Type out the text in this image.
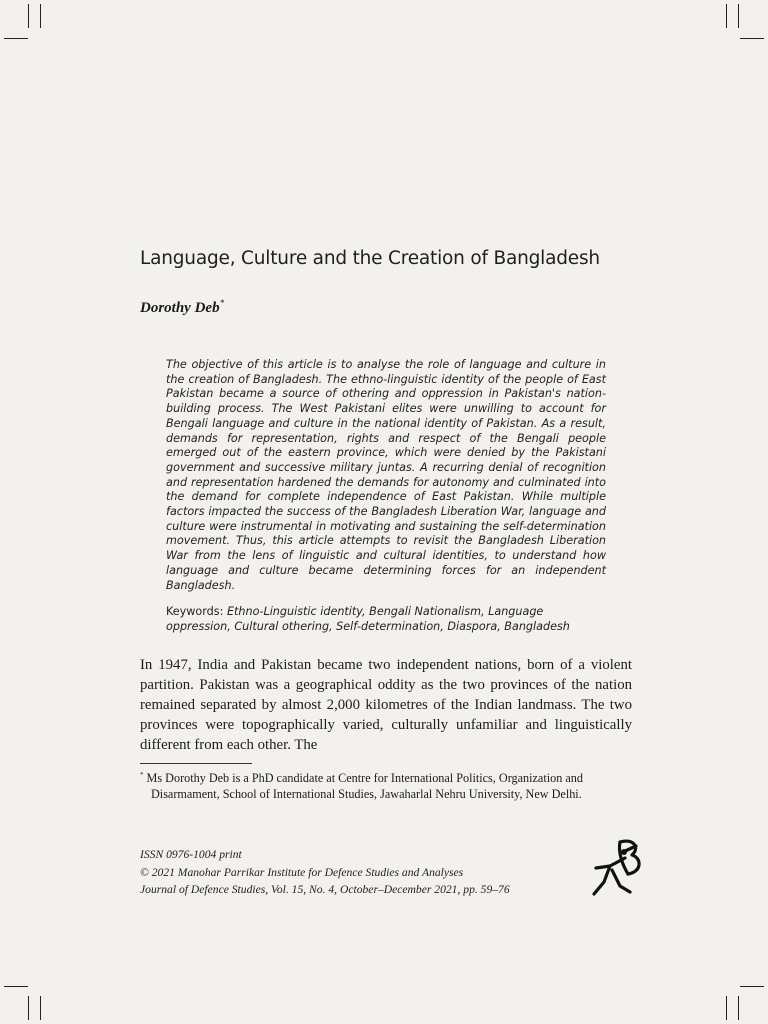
Language, Culture and the Creation of Bangladesh
Dorothy Deb*
The objective of this article is to analyse the role of language and culture in the creation of Bangladesh. The ethno-linguistic identity of the people of East Pakistan became a source of othering and oppression in Pakistan's nation-building process. The West Pakistani elites were unwilling to account for Bengali language and culture in the national identity of Pakistan. As a result, demands for representation, rights and respect of the Bengali people emerged out of the eastern province, which were denied by the Pakistani government and successive military juntas. A recurring denial of recognition and representation hardened the demands for autonomy and culminated into the demand for complete independence of East Pakistan. While multiple factors impacted the success of the Bangladesh Liberation War, language and culture were instrumental in motivating and sustaining the self-determination movement. Thus, this article attempts to revisit the Bangladesh Liberation War from the lens of linguistic and cultural identities, to understand how language and culture became determining forces for an independent Bangladesh.
Keywords: Ethno-Linguistic identity, Bengali Nationalism, Language oppression, Cultural othering, Self-determination, Diaspora, Bangladesh
In 1947, India and Pakistan became two independent nations, born of a violent partition. Pakistan was a geographical oddity as the two provinces of the nation remained separated by almost 2,000 kilometres of the Indian landmass. The two provinces were topographically varied, culturally unfamiliar and linguistically different from each other. The
* Ms Dorothy Deb is a PhD candidate at Centre for International Politics, Organization and Disarmament, School of International Studies, Jawaharlal Nehru University, New Delhi.
ISSN 0976-1004 print
© 2021 Manohar Parrikar Institute for Defence Studies and Analyses
Journal of Defence Studies, Vol. 15, No. 4, October–December 2021, pp. 59–76
